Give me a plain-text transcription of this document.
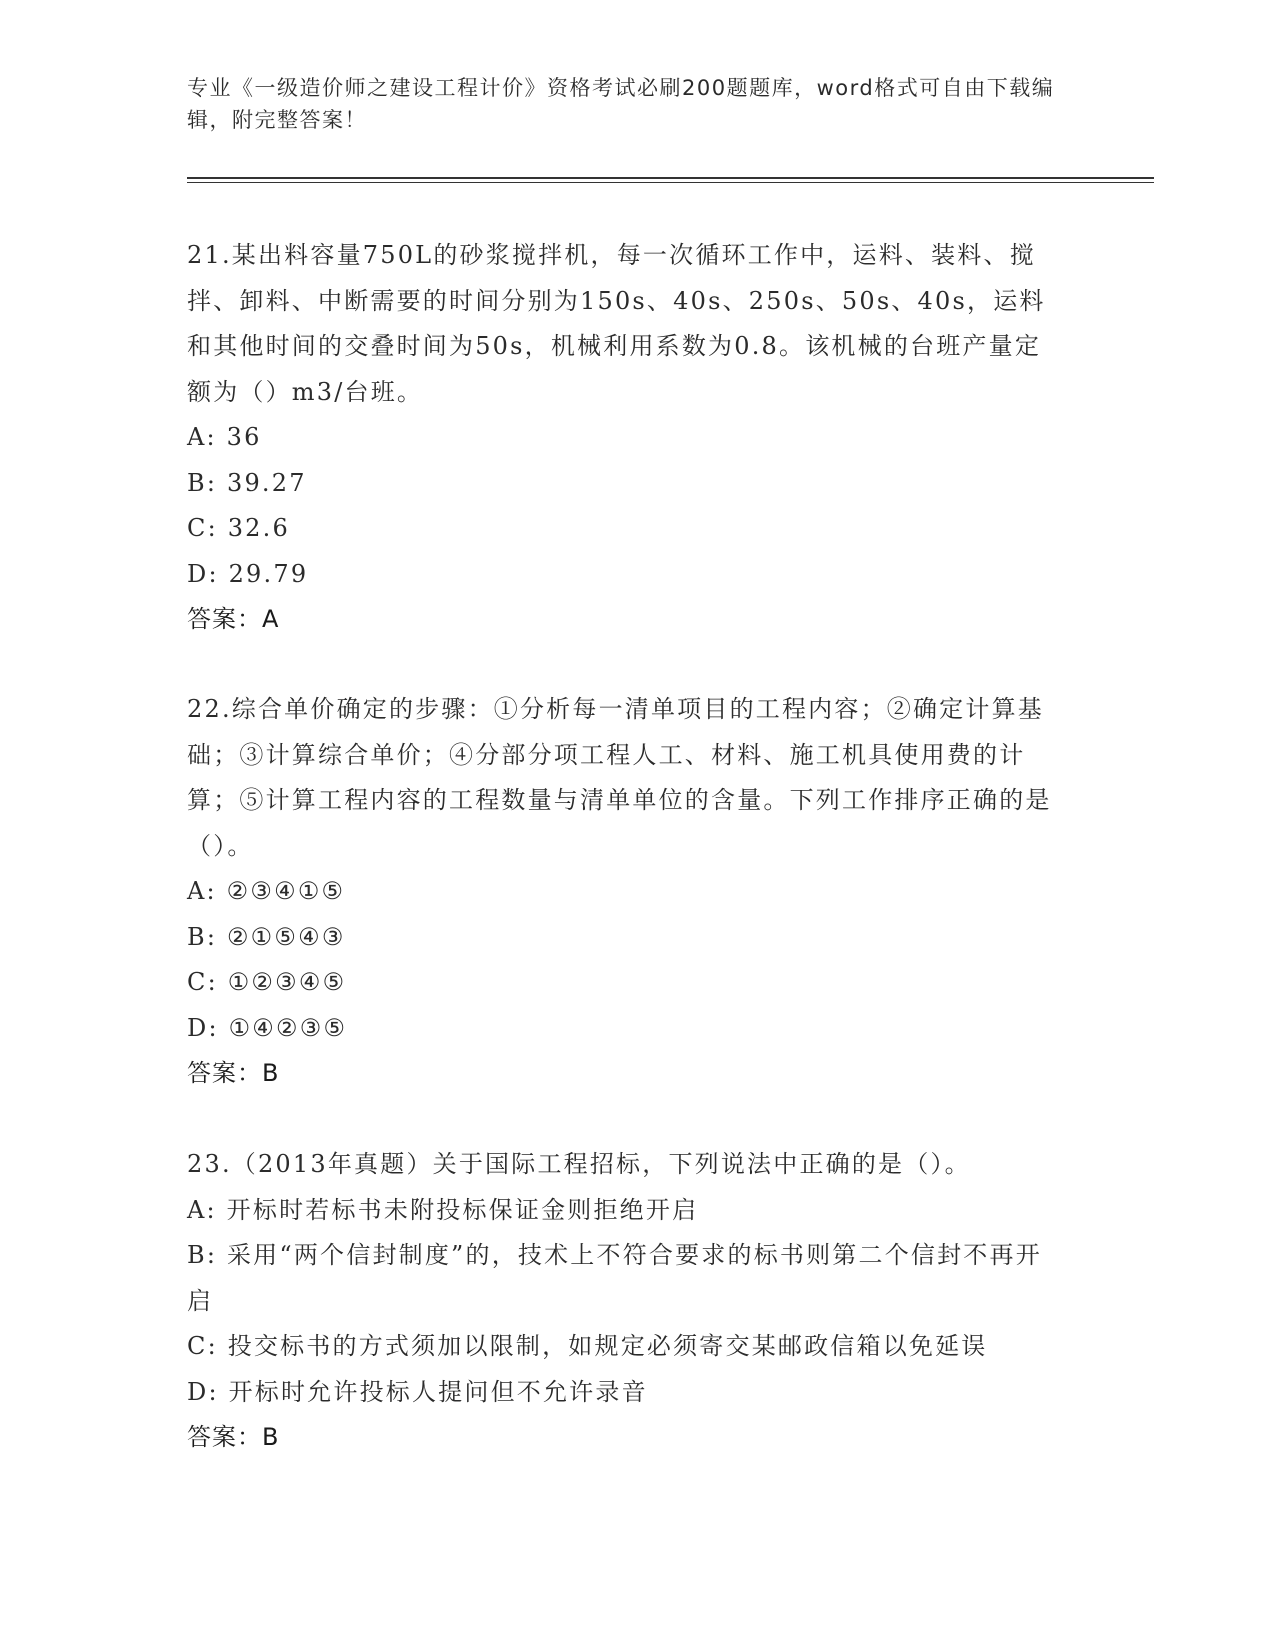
专业《一级造价师之建设工程计价》资格考试必刷200题题库，word格式可自由下载编辑，附完整答案！

21.某出料容量750L的砂浆搅拌机，每一次循环工作中，运料、装料、搅拌、卸料、中断需要的时间分别为150s、40s、250s、50s、40s，运料和其他时间的交叠时间为50s，机械利用系数为0.8。该机械的台班产量定额为（）m3/台班。

A: 36

B: 39.27

C: 32.6

D: 29.79

答案：A

22.综合单价确定的步骤：①分析每一清单项目的工程内容；②确定计算基础；③计算综合单价；④分部分项工程人工、材料、施工机具使用费的计算；⑤计算工程内容的工程数量与清单单位的含量。下列工作排序正确的是（）。

A: ②③④①⑤

B: ②①⑤④③

C: ①②③④⑤

D: ①④②③⑤

答案：B

23.（2013年真题）关于国际工程招标，下列说法中正确的是（）。

A: 开标时若标书未附投标保证金则拒绝开启

B: 采用“两个信封制度”的，技术上不符合要求的标书则第二个信封不再开启

C: 投交标书的方式须加以限制，如规定必须寄交某邮政信箱以免延误

D: 开标时允许投标人提问但不允许录音

答案：B
